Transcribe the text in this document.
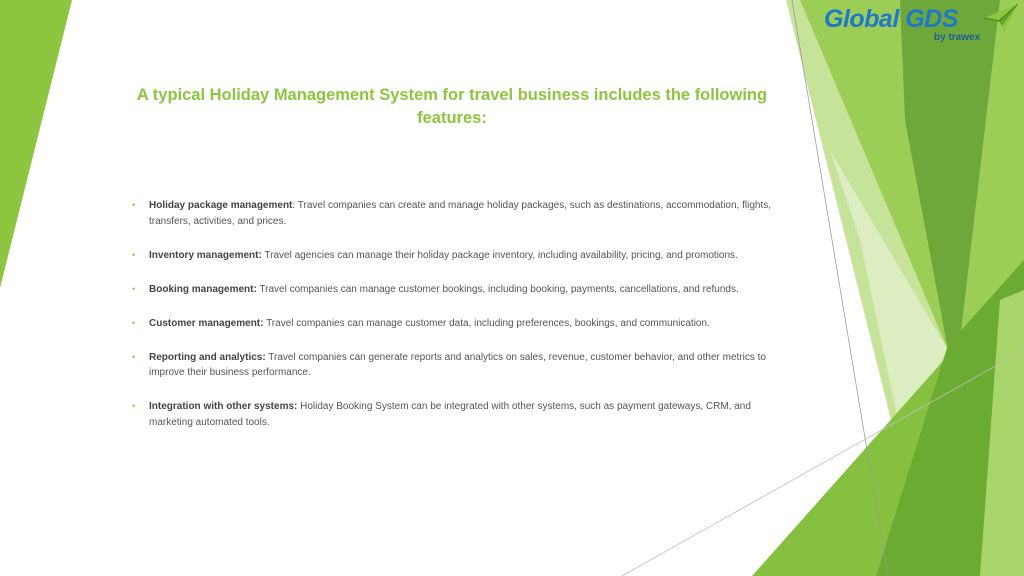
Global GDS
by trawex
A typical Holiday Management System for travel business includes the following features:
• Holiday package management: Travel companies can create and manage holiday packages, such as destinations, accommodation, flights, transfers, activities, and prices.
• Inventory management: Travel agencies can manage their holiday package inventory, including availability, pricing, and promotions.
• Booking management: Travel companies can manage customer bookings, including booking, payments, cancellations, and refunds.
• Customer management: Travel companies can manage customer data, including preferences, bookings, and communication.
• Reporting and analytics: Travel companies can generate reports and analytics on sales, revenue, customer behavior, and other metrics to improve their business performance.
• Integration with other systems: Holiday Booking System can be integrated with other systems, such as payment gateways, CRM, and marketing automated tools.
